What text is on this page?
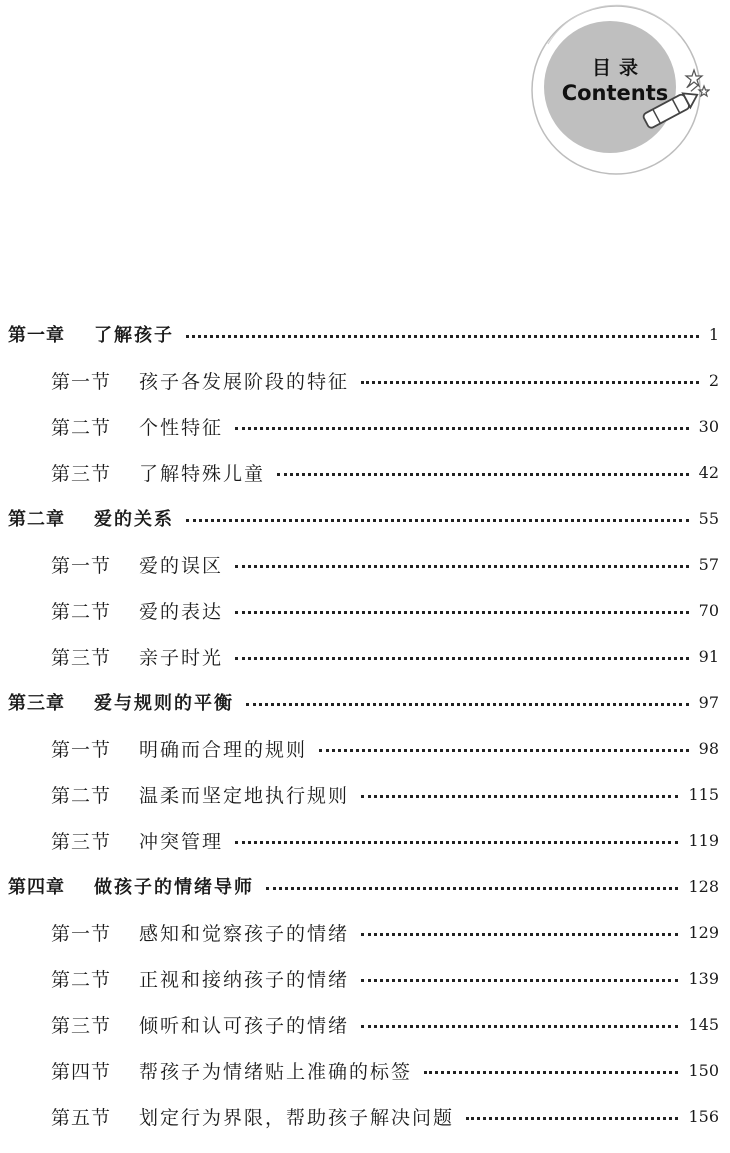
目录
Contents
第一章	了解孩子	1
第一节	孩子各发展阶段的特征	2
第二节	个性特征	30
第三节	了解特殊儿童	42
第二章	爱的关系	55
第一节	爱的误区	57
第二节	爱的表达	70
第三节	亲子时光	91
第三章	爱与规则的平衡	97
第一节	明确而合理的规则	98
第二节	温柔而坚定地执行规则	115
第三节	冲突管理	119
第四章	做孩子的情绪导师	128
第一节	感知和觉察孩子的情绪	129
第二节	正视和接纳孩子的情绪	139
第三节	倾听和认可孩子的情绪	145
第四节	帮孩子为情绪贴上准确的标签	150
第五节	划定行为界限，帮助孩子解决问题	156
